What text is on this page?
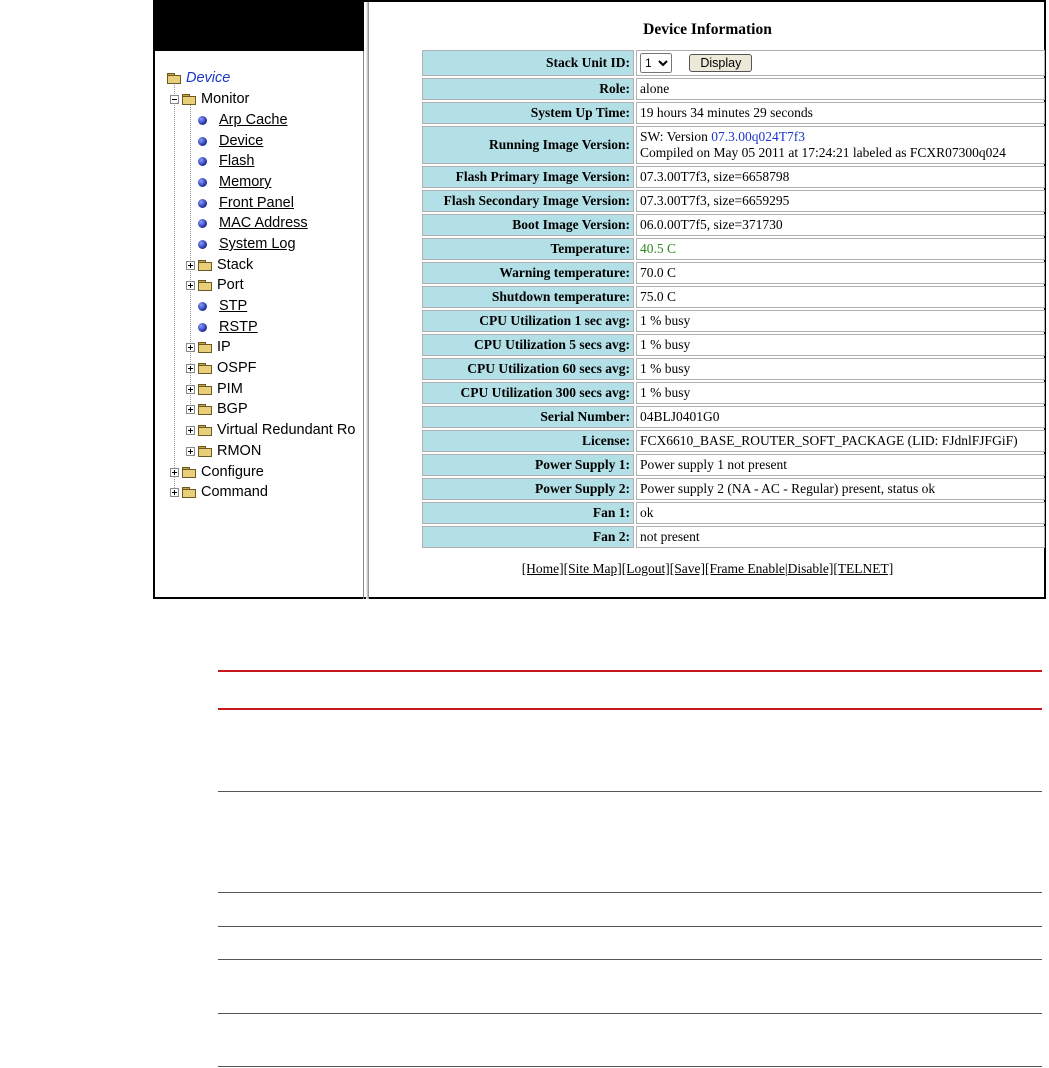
Device
Monitor
Arp Cache
Device
Flash
Memory
Front Panel
MAC Address
System Log
Stack
Port
STP
RSTP
IP
OSPF
PIM
BGP
Virtual Redundant Ro
RMON
Configure
Command
Device Information
Stack Unit ID:	
1Display
Role:	alone
System Up Time:	19 hours 34 minutes 29 seconds
Running Image Version:	SW: Version 07.3.00q024T7f3
Compiled on May 05 2011 at 17:24:21 labeled as FCXR07300q024
Flash Primary Image Version:	07.3.00T7f3, size=6658798
Flash Secondary Image Version:	07.3.00T7f3, size=6659295
Boot Image Version:	06.0.00T7f5, size=371730
Temperature:	40.5 C
Warning temperature:	70.0 C
Shutdown temperature:	75.0 C
CPU Utilization 1 sec avg:	1 % busy
CPU Utilization 5 secs avg:	1 % busy
CPU Utilization 60 secs avg:	1 % busy
CPU Utilization 300 secs avg:	1 % busy
Serial Number:	04BLJ0401G0
License:	FCX6610_BASE_ROUTER_SOFT_PACKAGE (LID: FJdnlFJFGiF)
Power Supply 1:	Power supply 1 not present
Power Supply 2:	Power supply 2 (NA - AC - Regular) present, status ok
Fan 1:	ok
Fan 2:	not present
[Home][Site Map][Logout][Save][Frame Enable|Disable][TELNET]
